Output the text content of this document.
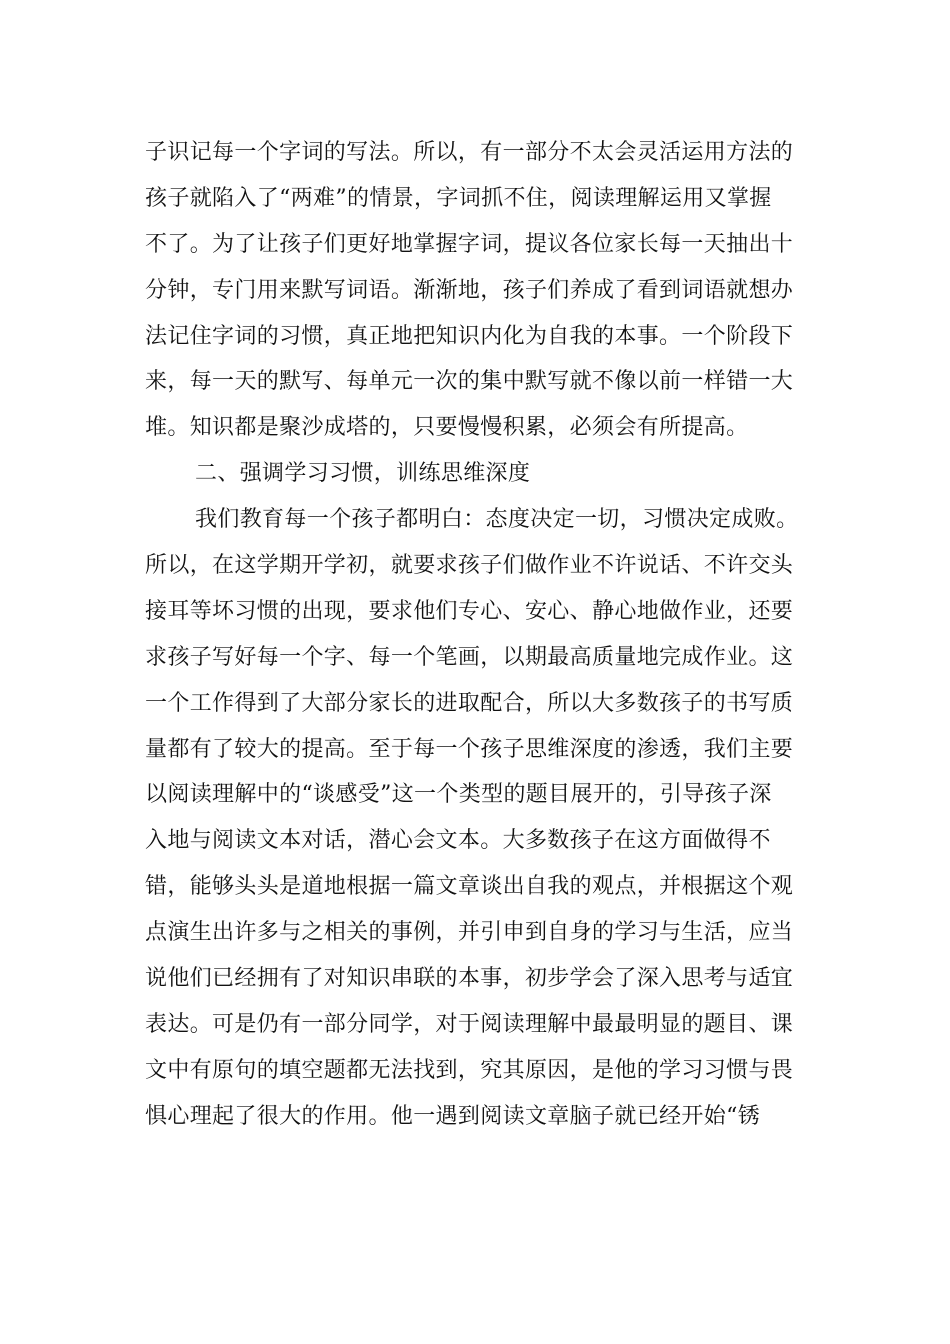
子识记每一个字词的写法。所以，有一部分不太会灵活运用方法的
孩子就陷入了“两难”的情景，字词抓不住，阅读理解运用又掌握
不了。为了让孩子们更好地掌握字词，提议各位家长每一天抽出十
分钟，专门用来默写词语。渐渐地，孩子们养成了看到词语就想办
法记住字词的习惯，真正地把知识内化为自我的本事。一个阶段下
来，每一天的默写、每单元一次的集中默写就不像以前一样错一大
堆。知识都是聚沙成塔的，只要慢慢积累，必须会有所提高。
二、强调学习习惯，训练思维深度
我们教育每一个孩子都明白：态度决定一切，习惯决定成败。
所以，在这学期开学初，就要求孩子们做作业不许说话、不许交头
接耳等坏习惯的出现，要求他们专心、安心、静心地做作业，还要
求孩子写好每一个字、每一个笔画，以期最高质量地完成作业。这
一个工作得到了大部分家长的进取配合，所以大多数孩子的书写质
量都有了较大的提高。至于每一个孩子思维深度的渗透，我们主要
以阅读理解中的“谈感受”这一个类型的题目展开的，引导孩子深
入地与阅读文本对话，潜心会文本。大多数孩子在这方面做得不
错，能够头头是道地根据一篇文章谈出自我的观点，并根据这个观
点演生出许多与之相关的事例，并引申到自身的学习与生活，应当
说他们已经拥有了对知识串联的本事，初步学会了深入思考与适宜
表达。可是仍有一部分同学，对于阅读理解中最最明显的题目、课
文中有原句的填空题都无法找到，究其原因，是他的学习习惯与畏
惧心理起了很大的作用。他一遇到阅读文章脑子就已经开始“锈
